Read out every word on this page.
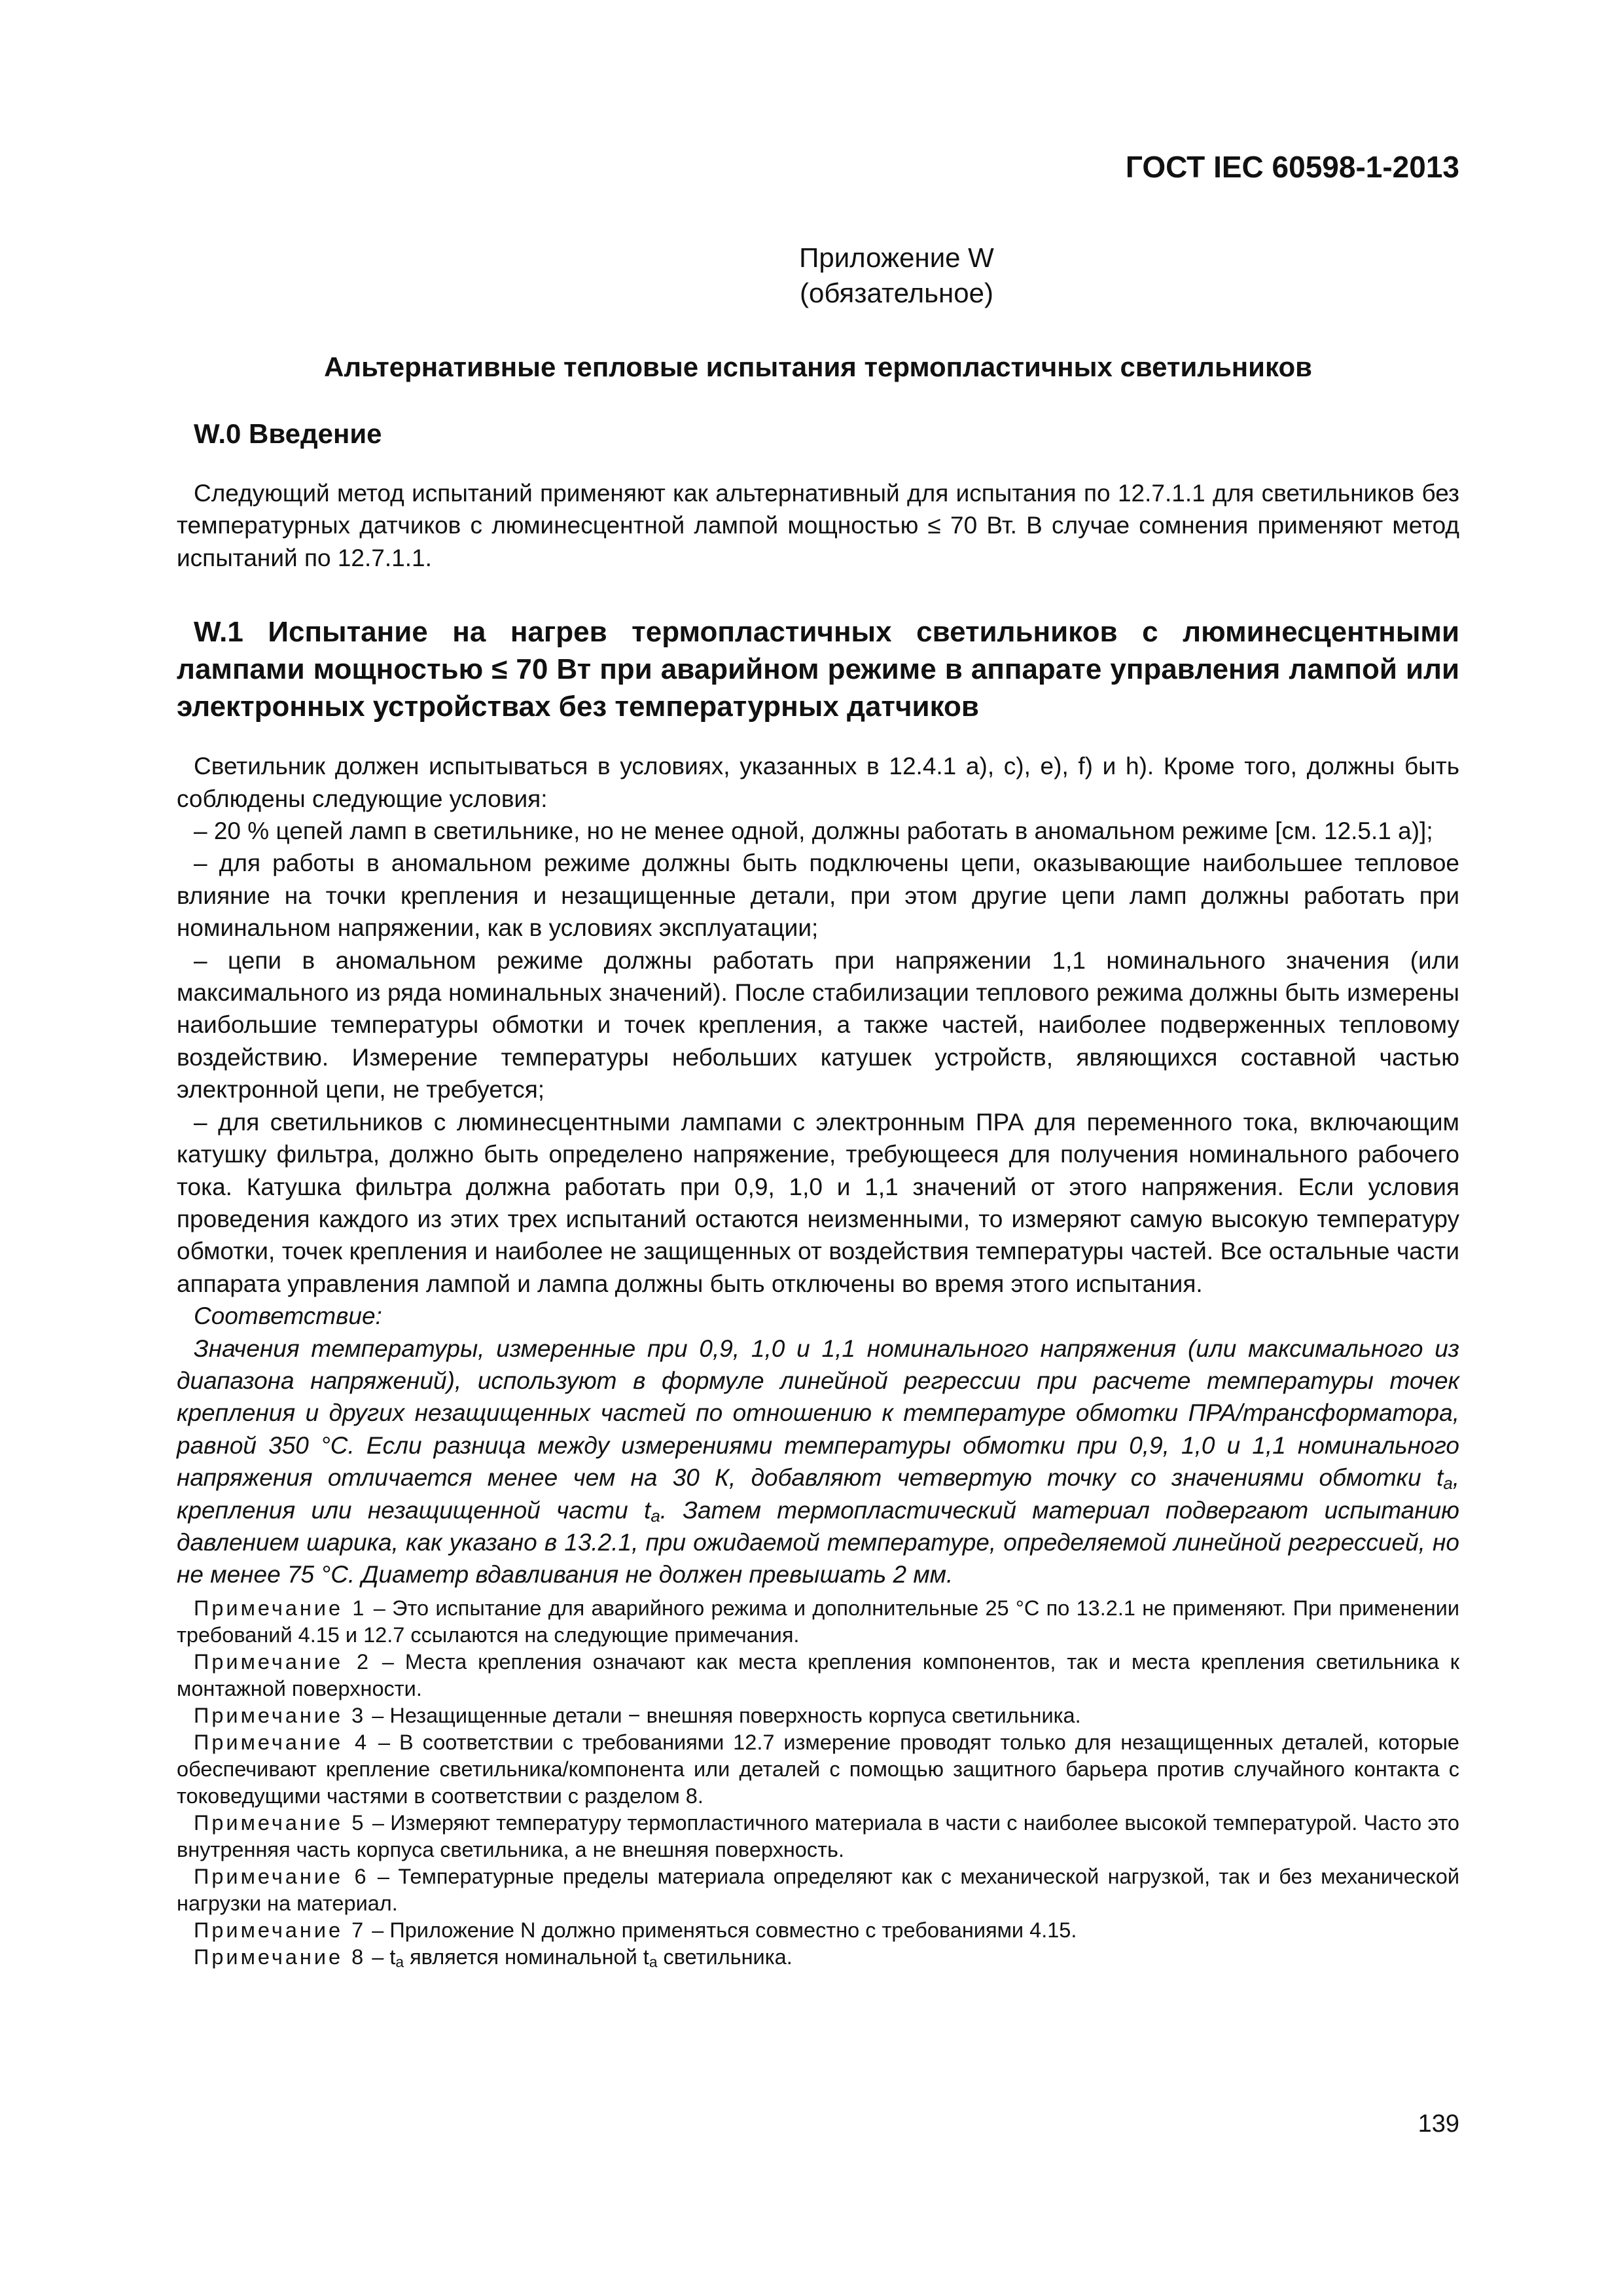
ГОСТ IEC 60598-1-2013

Приложение W
(обязательное)
Альтернативные тепловые испытания термопластичных светильников
W.0 Введение

Следующий метод испытаний применяют как альтернативный для испытания по 12.7.1.1 для светильников без температурных датчиков с люминесцентной лампой мощностью ≤ 70 Вт. В случае сомнения применяют метод испытаний по 12.7.1.1.

W.1 Испытание на нагрев термопластичных светильников с люминесцентными лампами мощностью ≤ 70 Вт при аварийном режиме в аппарате управления лампой или электронных устройствах без температурных датчиков

Светильник должен испытываться в условиях, указанных в 12.4.1 a), c), e), f) и h). Кроме того, должны быть соблюдены следующие условия:

– 20 % цепей ламп в светильнике, но не менее одной, должны работать в аномальном режиме [см. 12.5.1 a)];

– для работы в аномальном режиме должны быть подключены цепи, оказывающие наибольшее тепловое влияние на точки крепления и незащищенные детали, при этом другие цепи ламп должны работать при номинальном напряжении, как в условиях эксплуатации;

– цепи в аномальном режиме должны работать при напряжении 1,1 номинального значения (или максимального из ряда номинальных значений). После стабилизации теплового режима должны быть измерены наибольшие температуры обмотки и точек крепления, а также частей, наиболее подверженных тепловому воздействию. Измерение температуры небольших катушек устройств, являющихся составной частью электронной цепи, не требуется;

– для светильников с люминесцентными лампами с электронным ПРА для переменного тока, включающим катушку фильтра, должно быть определено напряжение, требующееся для получения номинального рабочего тока. Катушка фильтра должна работать при 0,9, 1,0 и 1,1 значений от этого напряжения. Если условия проведения каждого из этих трех испытаний остаются неизменными, то измеряют самую высокую температуру обмотки, точек крепления и наиболее не защищенных от воздействия температуры частей. Все остальные части аппарата управления лампой и лампа должны быть отключены во время этого испытания.

Соответствие:

Значения температуры, измеренные при 0,9, 1,0 и 1,1 номинального напряжения (или максимального из диапазона напряжений), используют в формуле линейной регрессии при расчете температуры точек крепления и других незащищенных частей по отношению к температуре обмотки ПРА/трансформатора, равной 350 °С. Если разница между измерениями температуры обмотки при 0,9, 1,0 и 1,1 номинального напряжения отличается менее чем на 30 К, добавляют четвертую точку со значениями обмотки $t_a$, крепления или незащищенной части $t_a$. Затем термопластический материал подвергают испытанию давлением шарика, как указано в 13.2.1, при ожидаемой температуре, определяемой линейной регрессией, но не менее 75 °С. Диаметр вдавливания не должен превышать 2 мм.

Примечание 1 – Это испытание для аварийного режима и дополнительные 25 °С по 13.2.1 не применяют. При применении требований 4.15 и 12.7 ссылаются на следующие примечания.

Примечание 2 – Места крепления означают как места крепления компонентов, так и места крепления светильника к монтажной поверхности.

Примечание 3 – Незащищенные детали − внешняя поверхность корпуса светильника.

Примечание 4 – В соответствии с требованиями 12.7 измерение проводят только для незащищенных деталей, которые обеспечивают крепление светильника/компонента или деталей с помощью защитного барьера против случайного контакта с токоведущими частями в соответствии с разделом 8.

Примечание 5 – Измеряют температуру термопластичного материала в части с наиболее высокой температурой. Часто это внутренняя часть корпуса светильника, а не внешняя поверхность.

Примечание 6 – Температурные пределы материала определяют как с механической нагрузкой, так и без механической нагрузки на материал.

Примечание 7 – Приложение N должно применяться совместно с требованиями 4.15.

Примечание $8 - t_a$ является номинальной $t_a$ светильника.

139
